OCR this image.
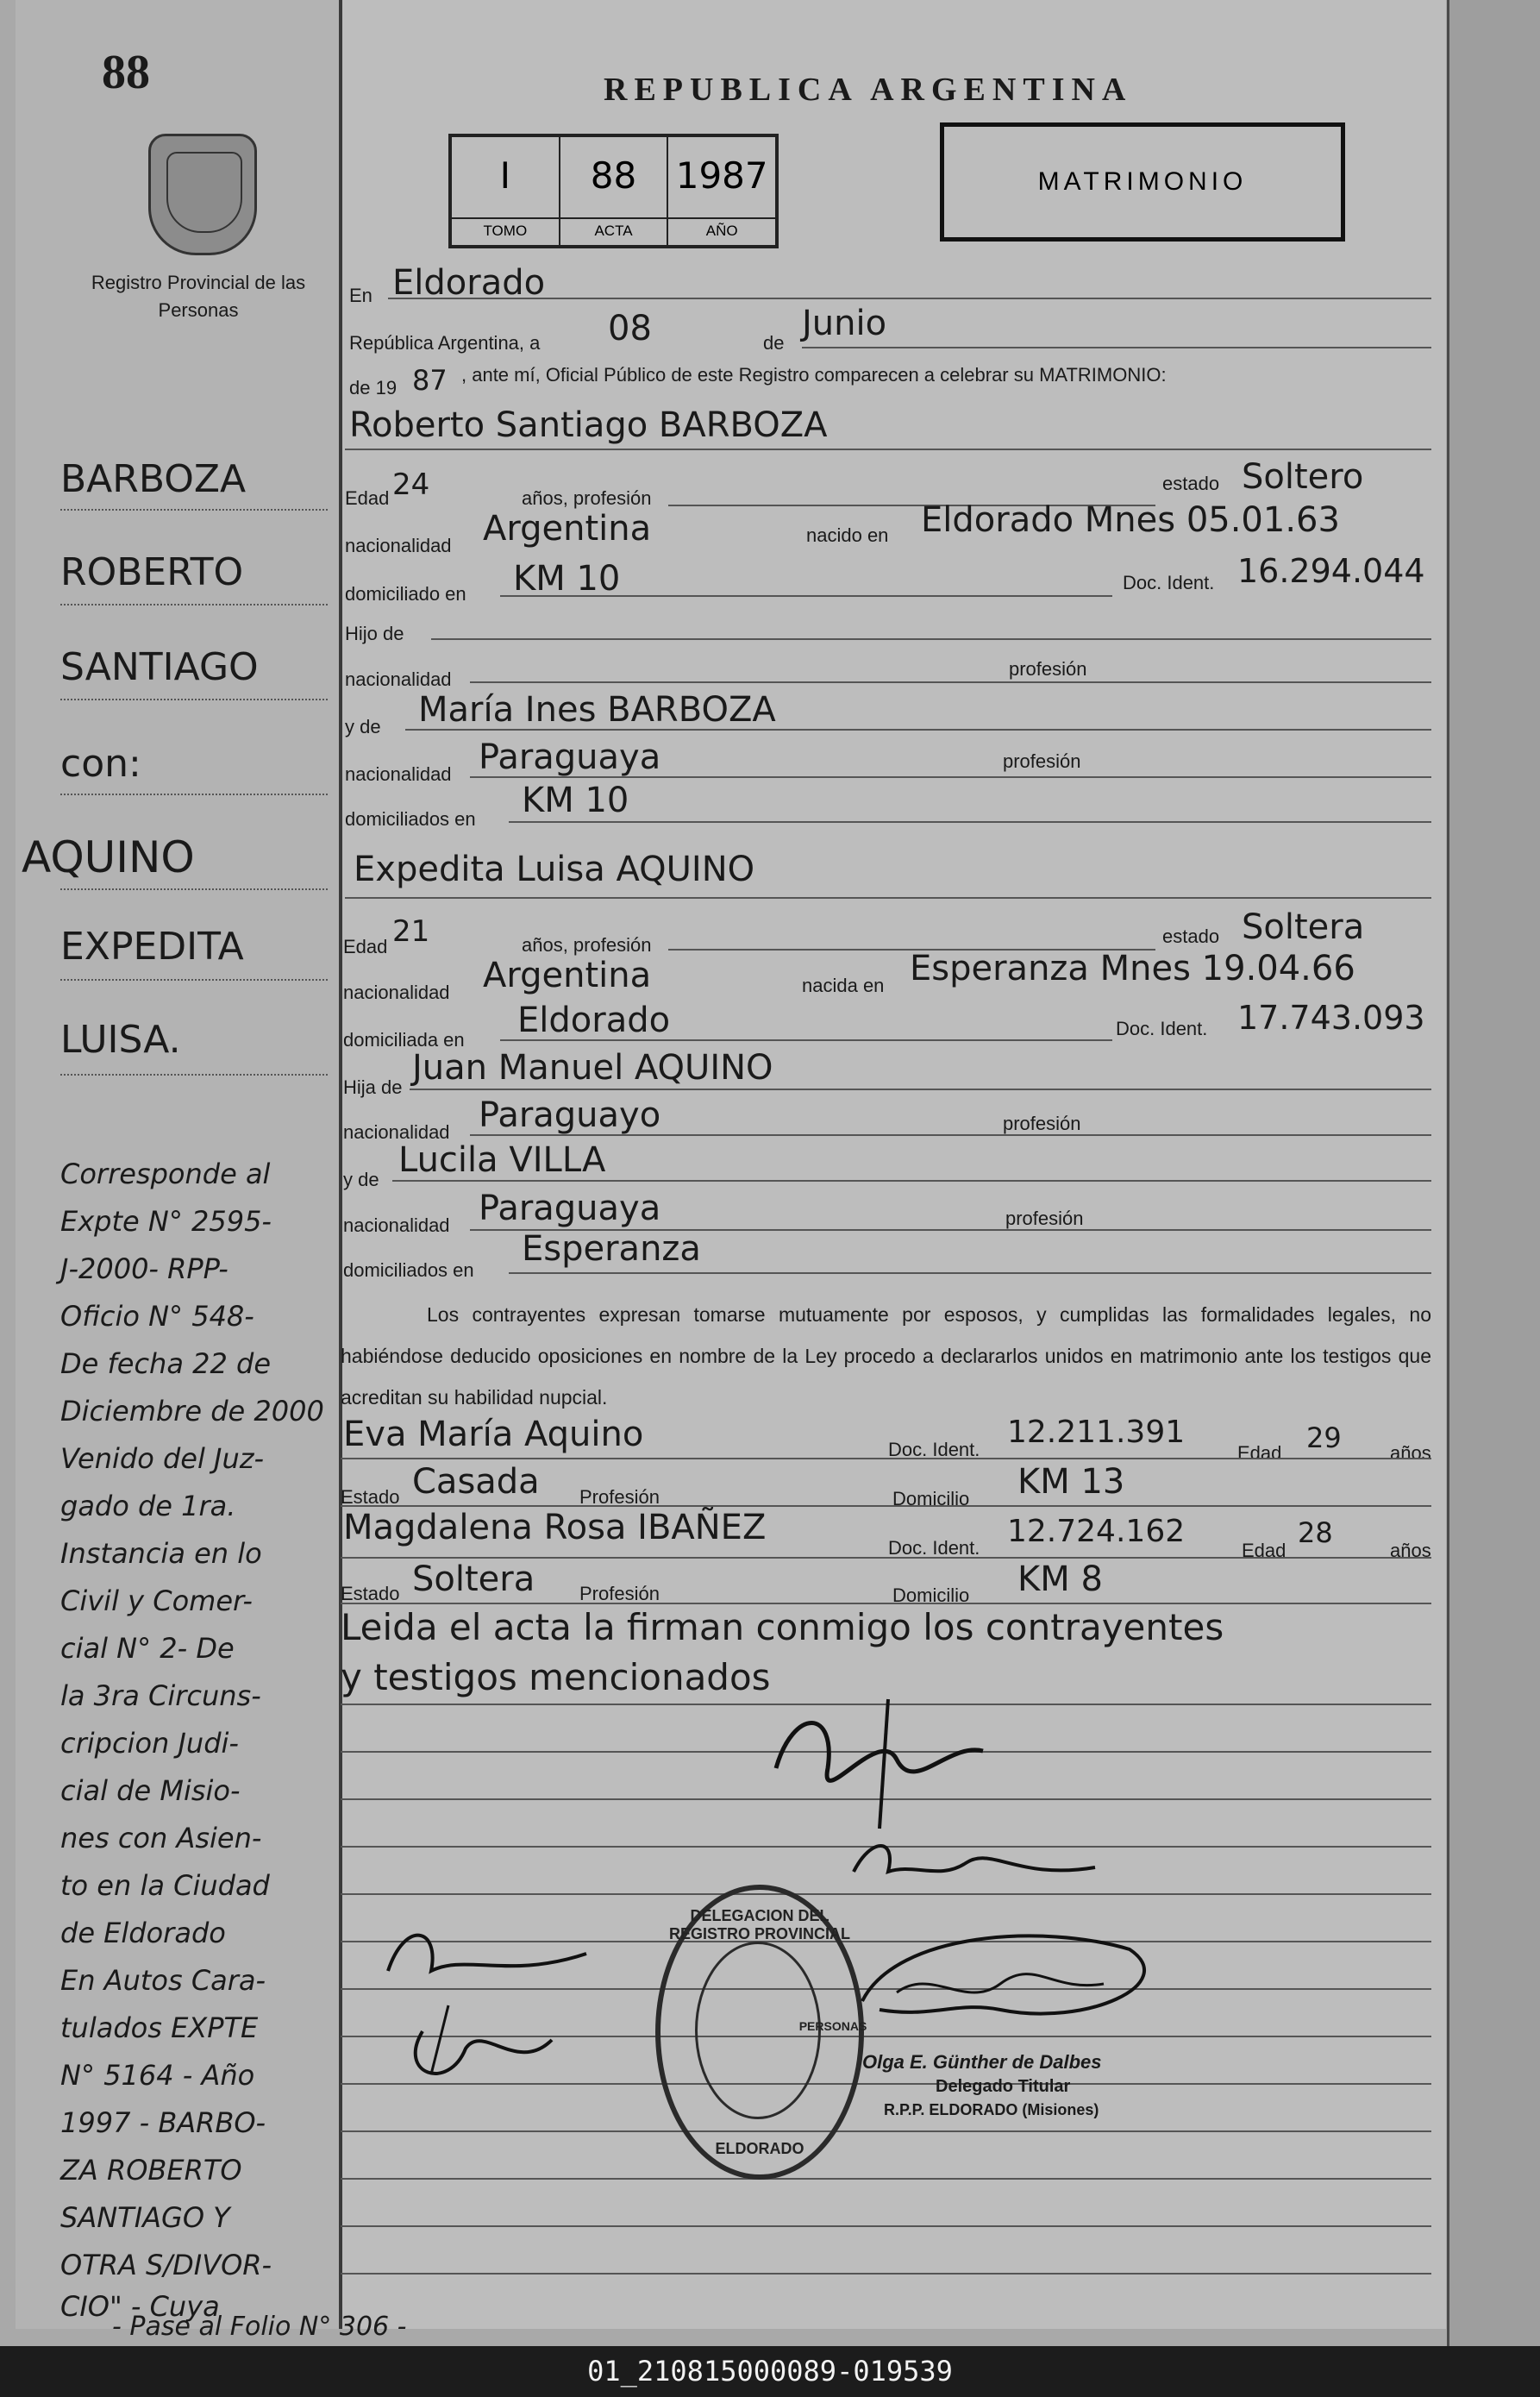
88
Registro Provincial de las Personas
REPUBLICA ARGENTINA
I
TOMO
88
ACTA
1987
AÑO
MATRIMONIO
En Eldorado
República Argentina, a 08	de Junio
de 19 87 , ante mí, Oficial Público de este Registro comparecen a celebrar su MATRIMONIO:
Roberto Santiago BARBOZA
Edad 24	años, profesión
estado Soltero
nacionalidad Argentina	nacido en Eldorado Mnes 05.01.63
domiciliado en KM 10	Doc. Ident. 16.294.044
Hijo de
nacionalidad	profesión
y de María Ines BARBOZA
nacionalidad Paraguaya	profesión
domiciliados en KM 10
Expedita Luisa AQUINO
Edad 21	años, profesión	estado Soltera
nacionalidad Argentina	nacida en Esperanza Mnes 19.04.66
domiciliada en Eldorado	Doc. Ident. 17.743.093
Hija de Juan Manuel AQUINO
nacionalidad Paraguayo	profesión
y de Lucila VILLA
nacionalidad Paraguaya	profesión
domiciliados en
Esperanza
Los contrayentes expresan tomarse mutuamente por esposos, y cumplidas las formalidades legales, no habiéndose deducido oposiciones en nombre de la Ley procedo a declararlos unidos en matrimonio ante los testigos que acreditan su habilidad nupcial.
Eva María Aquino	Doc. Ident. 12.211.391
Edad 29	años
Estado Casada Profesión	Domicilio KM 13
Magdalena Rosa IBAÑEZ
Doc. Ident. 12.724.162
Edad
28
años
Estado Soltera Profesión	Domicilio KM 8
Leida el acta la firman conmigo los contrayentes
y testigos mencionados
DELEGACION DEL REGISTRO PROVINCIAL
ELDORADO
PERSONAS
Olga E. Günther de Dalbes
Delegado Titular
R.P.P. ELDORADO (Misiones)
BARBOZA
ROBERTO
SANTIAGO
con:
AQUINO
EXPEDITA
LUISA.
Corresponde al
Expte N° 2595-
J-2000- RPP-
Oficio N° 548-
De fecha 22 de
Diciembre de 2000
Venido del Juz-
gado de 1ra.
Instancia en lo
Civil y Comer-
cial N° 2- De
la 3ra Circuns-
cripcion Judi-
cial de Misio-
nes con Asien-
to en la Ciudad
de Eldorado
En Autos Cara-
tulados EXPTE
N° 5164 - Año
1997 - BARBO-
ZA ROBERTO
SANTIAGO Y
OTRA S/DIVOR-
CIO" - Cuya
- Pase al Folio N° 306 -
01_210815000089-019539
